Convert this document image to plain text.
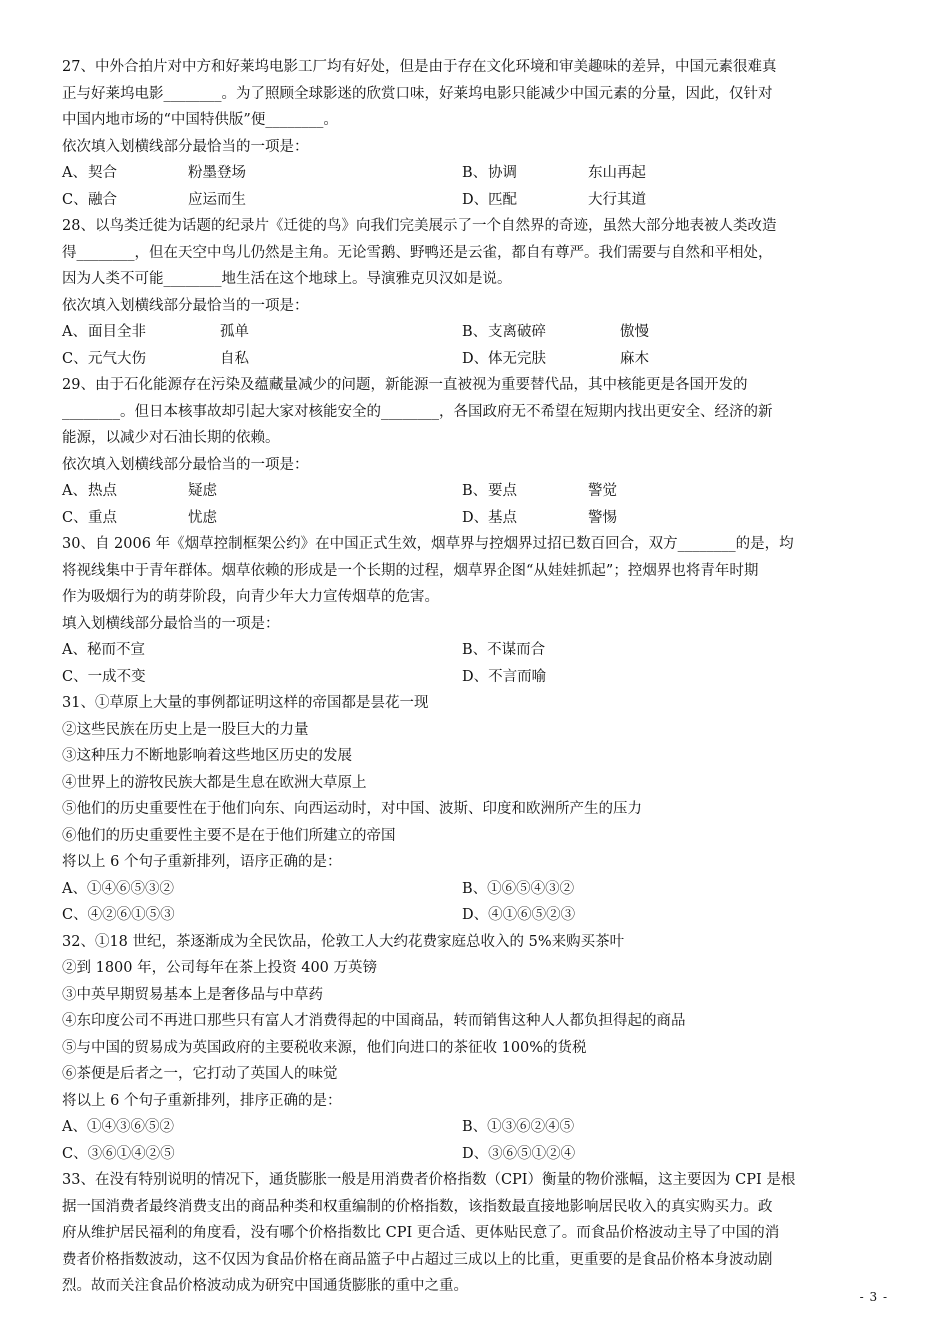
27、中外合拍片对中方和好莱坞电影工厂均有好处，但是由于存在文化环境和审美趣味的差异，中国元素很难真
正与好莱坞电影________。为了照顾全球影迷的欣赏口味，好莱坞电影只能减少中国元素的分量，因此，仅针对
中国内地市场的“中国特供版”便________。
依次填入划横线部分最恰当的一项是：
A、 契合	粉墨登场	B、 协调	东山再起
C、 融合	应运而生	D、 匹配	大行其道
28、以鸟类迁徙为话题的纪录片《迁徙的鸟》向我们完美展示了一个自然界的奇迹，虽然大部分地表被人类改造
得________，但在天空中鸟儿仍然是主角。无论雪鹅、野鸭还是云雀，都自有尊严。我们需要与自然和平相处，
因为人类不可能________地生活在这个地球上。导演雅克贝汉如是说。
依次填入划横线部分最恰当的一项是：
A、 面目全非	孤单	B、 支离破碎	傲慢
C、 元气大伤	自私	D、 体无完肤	麻木
29、由于石化能源存在污染及蕴藏量减少的问题，新能源一直被视为重要替代品，其中核能更是各国开发的
________。但日本核事故却引起大家对核能安全的________，各国政府无不希望在短期内找出更安全、经济的新
能源，以减少对石油长期的依赖。
依次填入划横线部分最恰当的一项是：
A、 热点	疑虑	B、 要点	警觉
C、 重点	忧虑	D、 基点	警惕
30、自 2006 年《烟草控制框架公约》在中国正式生效，烟草界与控烟界过招已数百回合，双方________的是，均
将视线集中于青年群体。烟草依赖的形成是一个长期的过程，烟草界企图“从娃娃抓起”；控烟界也将青年时期
作为吸烟行为的萌芽阶段，向青少年大力宣传烟草的危害。
填入划横线部分最恰当的一项是：
A、秘而不宣	B、不谋而合
C、一成不变	D、不言而喻
31、①草原上大量的事例都证明这样的帝国都是昙花一现
②这些民族在历史上是一股巨大的力量
③这种压力不断地影响着这些地区历史的发展
④世界上的游牧民族大都是生息在欧洲大草原上
⑤他们的历史重要性在于他们向东、向西运动时，对中国、波斯、印度和欧洲所产生的压力
⑥他们的历史重要性主要不是在于他们所建立的帝国
将以上 6 个句子重新排列，语序正确的是：
A、①④⑥⑤③②	B、①⑥⑤④③②
C、④②⑥①⑤③	D、④①⑥⑤②③
32、①18 世纪，茶逐渐成为全民饮品，伦敦工人大约花费家庭总收入的 5%来购买茶叶
②到 1800 年，公司每年在茶上投资 400 万英镑
③中英早期贸易基本上是奢侈品与中草药
④东印度公司不再进口那些只有富人才消费得起的中国商品，转而销售这种人人都负担得起的商品
⑤与中国的贸易成为英国政府的主要税收来源，他们向进口的茶征收 100%的货税
⑥茶便是后者之一，它打动了英国人的味觉
将以上 6 个句子重新排列，排序正确的是：
A、①④③⑥⑤②	B、①③⑥②④⑤
C、③⑥①④②⑤	D、③⑥⑤①②④
33、在没有特别说明的情况下，通货膨胀一般是用消费者价格指数（CPI）衡量的物价涨幅，这主要因为 CPI 是根
据一国消费者最终消费支出的商品种类和权重编制的价格指数，该指数最直接地影响居民收入的真实购买力。政
府从维护居民福利的角度看，没有哪个价格指数比 CPI 更合适、更体贴民意了。而食品价格波动主导了中国的消
费者价格指数波动，这不仅因为食品价格在商品篮子中占超过三成以上的比重，更重要的是食品价格本身波动剧
烈。故而关注食品价格波动成为研究中国通货膨胀的重中之重。
- 3 -
